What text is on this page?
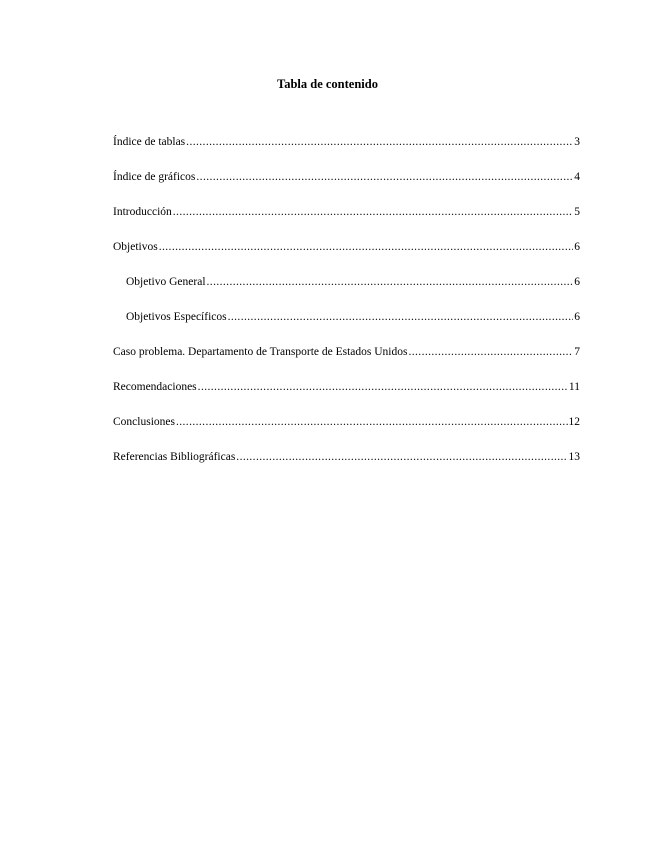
Tabla de contenido
Índice de tablas .....	3
Índice de gráficos .....	4
Introducción .....	5
Objetivos .....	6
Objetivo General .....	6
Objetivos Específicos .....	6
Caso problema. Departamento de Transporte de Estados Unidos .....	7
Recomendaciones .....	11
Conclusiones .....	12
Referencias Bibliográficas .....	13
